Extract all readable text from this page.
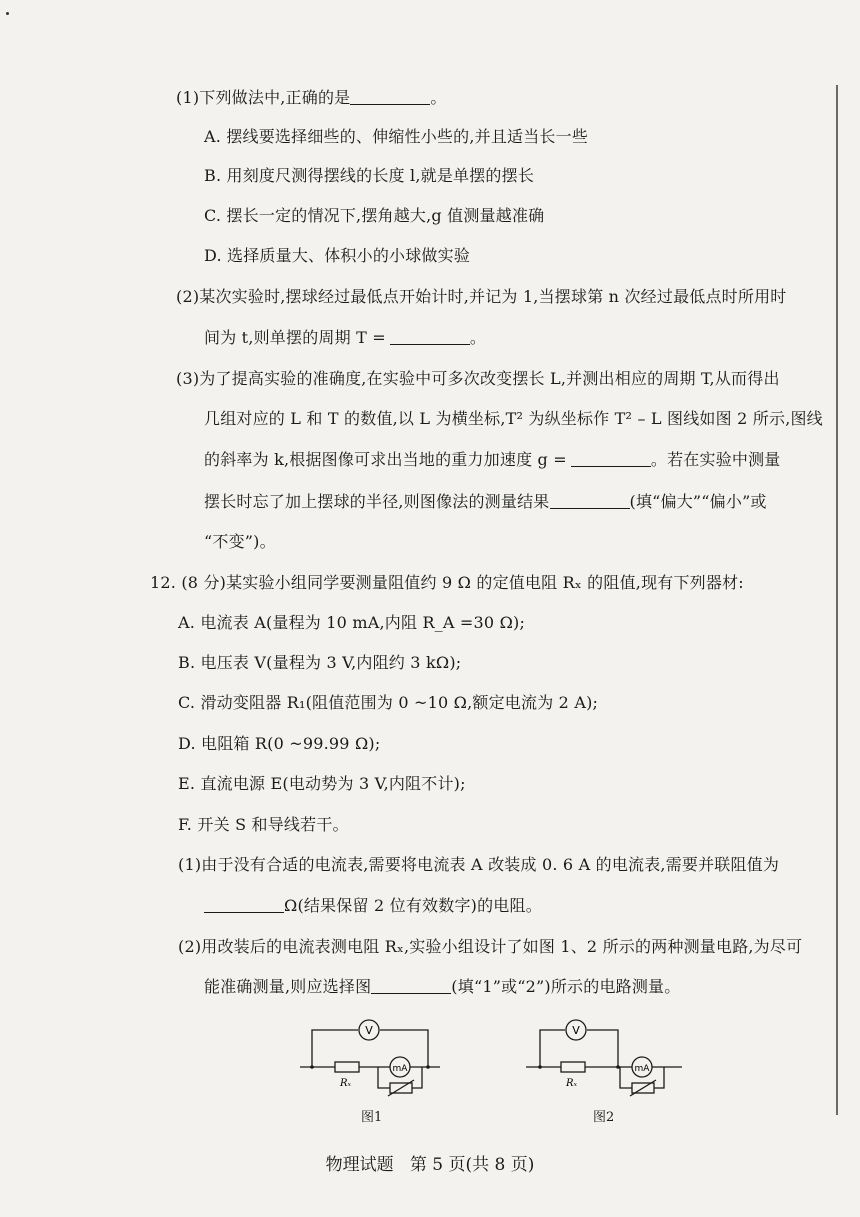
(1)下列做法中,正确的是	。
A. 摆线要选择细些的、伸缩性小些的,并且适当长一些
B. 用刻度尺测得摆线的长度 l,就是单摆的摆长
C. 摆长一定的情况下,摆角越大,g 值测量越准确
D. 选择质量大、体积小的小球做实验
(2)某次实验时,摆球经过最低点开始计时,并记为 1,当摆球第 n 次经过最低点时所用时
间为 t,则单摆的周期 T =	。
(3)为了提高实验的准确度,在实验中可多次改变摆长 L,并测出相应的周期 T,从而得出
几组对应的 L 和 T 的数值,以 L 为横坐标,T² 为纵坐标作 T² – L 图线如图 2 所示,图线
的斜率为 k,根据图像可求出当地的重力加速度 g =	。若在实验中测量
摆长时忘了加上摆球的半径,则图像法的测量结果	(填“偏大”“偏小”或
“不变”)。
12. (8 分)某实验小组同学要测量阻值约 9 Ω 的定值电阻 Rₓ 的阻值,现有下列器材:
A. 电流表 A(量程为 10 mA,内阻 R_A =30 Ω);
B. 电压表 V(量程为 3 V,内阻约 3 kΩ);
C. 滑动变阻器 R₁(阻值范围为 0 ~10 Ω,额定电流为 2 A);
D. 电阻箱 R(0 ~99.99 Ω);
E. 直流电源 E(电动势为 3 V,内阻不计);
F. 开关 S 和导线若干。
(1)由于没有合适的电流表,需要将电流表 A 改装成 0. 6 A 的电流表,需要并联阻值为
Ω(结果保留 2 位有效数字)的电阻。
(2)用改装后的电流表测电阻 Rₓ,实验小组设计了如图 1、2 所示的两种测量电路,为尽可
能准确测量,则应选择图	(填“1”或“2”)所示的电路测量。
V
mA
Rₓ
图1
V
mA
Rₓ
图2
物理试题   第 5 页(共 8 页)
